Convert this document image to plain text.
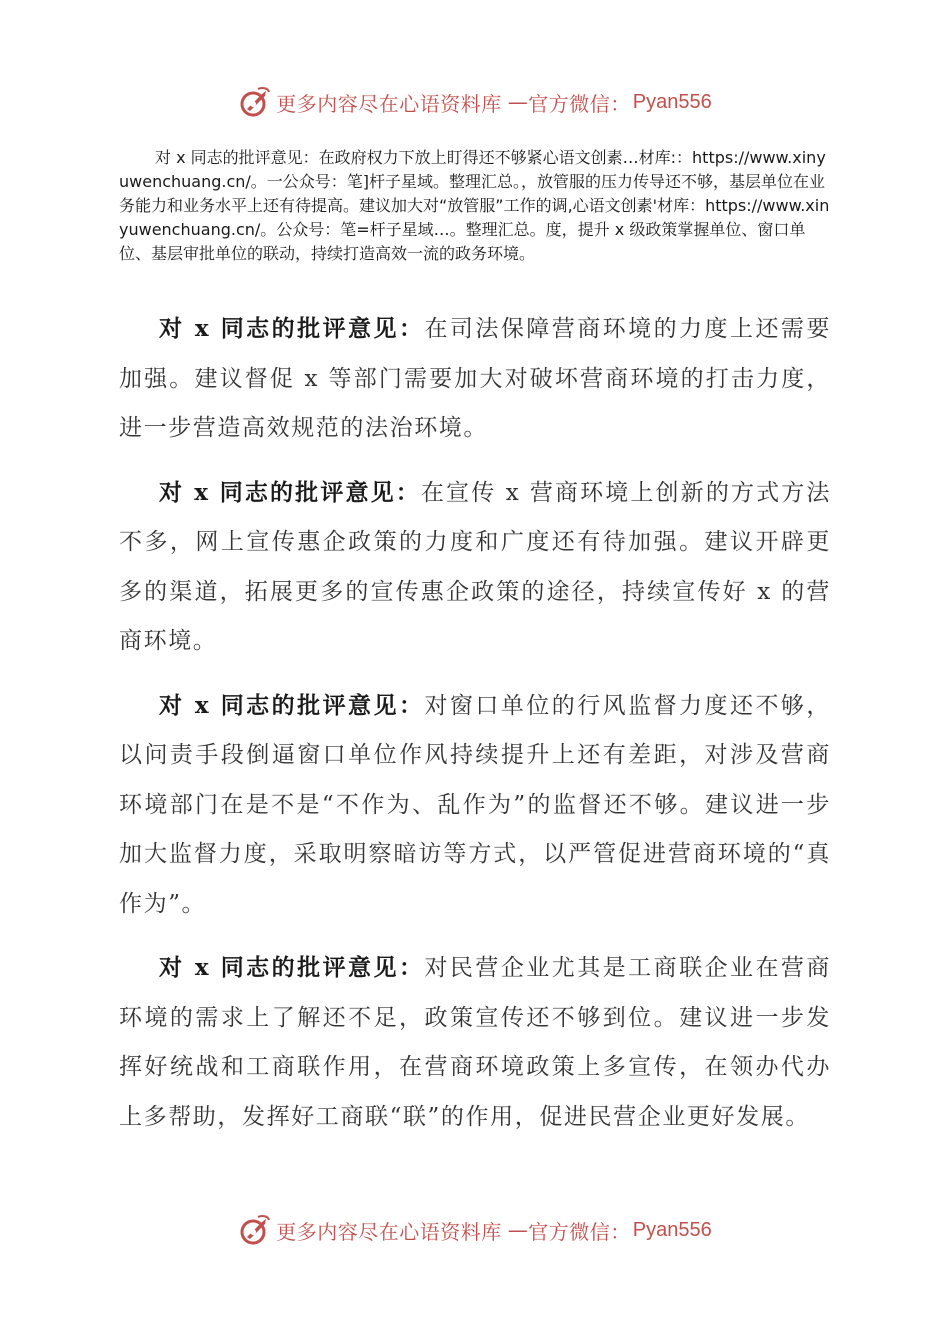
更多内容尽在心语资料库 — 官方微信： Pyan556

对 x 同志的批评意见：在政府权力下放上盯得还不够紧心语文创素…材库:：https://www.xinyuwenchuang.cn/。一公众号：笔]杆子星域。整理汇总。，放管服的压力传导还不够，基层单位在业务能力和业务水平上还有待提高。建议加大对“放管服”工作的调,心语文创素'材库：https://www.xinyuwenchuang.cn/。公众号：笔=杆子星域…。整理汇总。度，提升 x 级政策掌握单位、窗口单位、基层审批单位的联动，持续打造高效一流的政务环境。

对 x 同志的批评意见：在司法保障营商环境的力度上还需要加强。建议督促 x 等部门需要加大对破坏营商环境的打击力度，进一步营造高效规范的法治环境。

对 x 同志的批评意见：在宣传 x 营商环境上创新的方式方法不多，网上宣传惠企政策的力度和广度还有待加强。建议开辟更多的渠道，拓展更多的宣传惠企政策的途径，持续宣传好 x 的营商环境。

对 x 同志的批评意见：对窗口单位的行风监督力度还不够，以问责手段倒逼窗口单位作风持续提升上还有差距，对涉及营商环境部门在是不是“不作为、乱作为”的监督还不够。建议进一步加大监督力度，采取明察暗访等方式，以严管促进营商环境的“真作为”。

对 x 同志的批评意见：对民营企业尤其是工商联企业在营商环境的需求上了解还不足，政策宣传还不够到位。建议进一步发挥好统战和工商联作用，在营商环境政策上多宣传，在领办代办上多帮助，发挥好工商联“联”的作用，促进民营企业更好发展。

更多内容尽在心语资料库 — 官方微信： Pyan556
